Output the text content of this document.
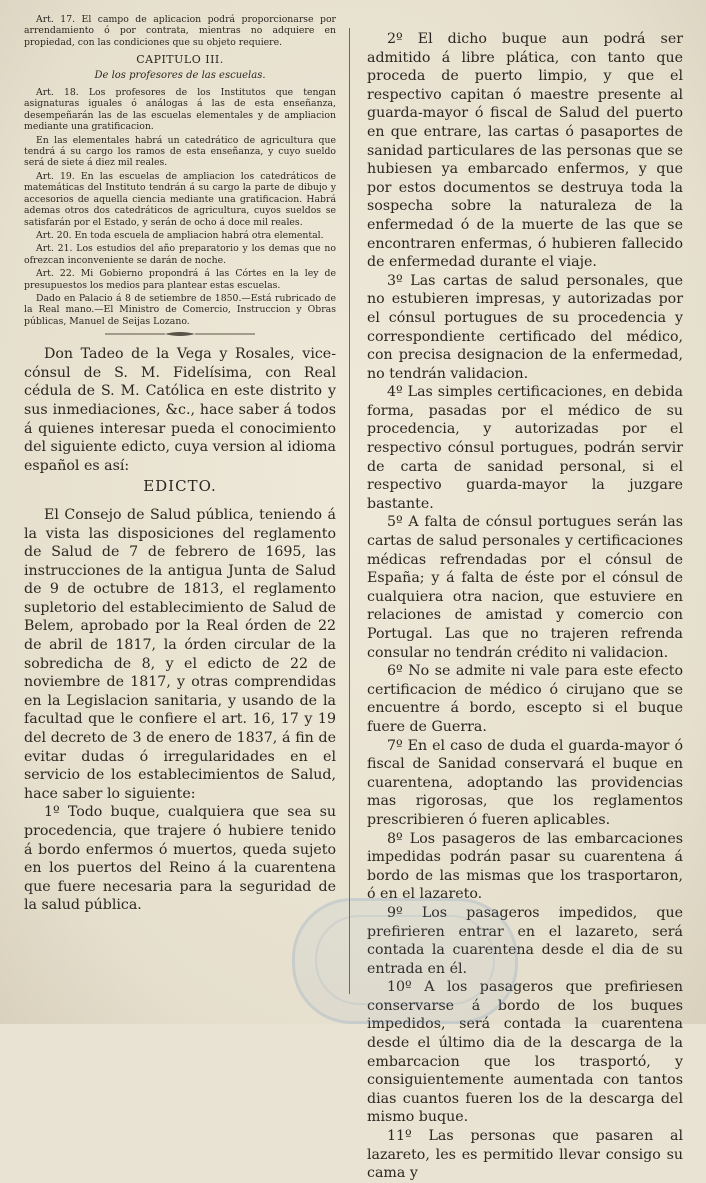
Art. 17. El campo de aplicacion podrá proporcionarse por arrendamiento ó por contrata, mientras no adquiere en propiedad, con las condiciones que su objeto requiere.

CAPITULO III.
De los profesores de las escuelas.

Art. 18. Los profesores de los Institutos que tengan asignaturas iguales ó análogas á las de esta enseñanza, desempeñarán las de las escuelas elementales y de ampliacion mediante una gratificacion.

En las elementales habrá un catedrático de agricultura que tendrá á su cargo los ramos de esta enseñanza, y cuyo sueldo será de siete á diez mil reales.

Art. 19. En las escuelas de ampliacion los catedráticos de matemáticas del Instituto tendrán á su cargo la parte de dibujo y accesorios de aquella ciencia mediante una gratificacion. Habrá ademas otros dos catedráticos de agricultura, cuyos sueldos se satisfarán por el Estado, y serán de ocho á doce mil reales.

Art. 20. En toda escuela de ampliacion habrá otra elemental.

Art. 21. Los estudios del año preparatorio y los demas que no ofrezcan inconveniente se darán de noche.

Art. 22. Mi Gobierno propondrá á las Córtes en la ley de presupuestos los medios para plantear estas escuelas.

Dado en Palacio á 8 de setiembre de 1850.—Está rubricado de la Real mano.—El Ministro de Comercio, Instruccion y Obras públicas, Manuel de Seijas Lozano.

Don Tadeo de la Vega y Rosales, vice-cónsul de S. M. Fidelísima, con Real cédula de S. M. Católica en este distrito y sus inmediaciones, &c., hace saber á todos á quienes interesar pueda el conocimiento del siguiente edicto, cuya version al idioma español es así:

EDICTO.

El Consejo de Salud pública, teniendo á la vista las disposiciones del reglamento de Salud de 7 de febrero de 1695, las instrucciones de la antigua Junta de Salud de 9 de octubre de 1813, el reglamento supletorio del establecimiento de Salud de Belem, aprobado por la Real órden de 22 de abril de 1817, la órden circular de la sobredicha de 8, y el edicto de 22 de noviembre de 1817, y otras comprendidas en la Legislacion sanitaria, y usando de la facultad que le confiere el art. 16, 17 y 19 del decreto de 3 de enero de 1837, á fin de evitar dudas ó irregularidades en el servicio de los establecimientos de Salud, hace saber lo siguiente:

1º Todo buque, cualquiera que sea su procedencia, que trajere ó hubiere tenido á bordo enfermos ó muertos, queda sujeto en los puertos del Reino á la cuarentena que fuere necesaria para la seguridad de la salud pública.

2º El dicho buque aun podrá ser admitido á libre plática, con tanto que proceda de puerto limpio, y que el respectivo capitan ó maestre presente al guarda-mayor ó fiscal de Salud del puerto en que entrare, las cartas ó pasaportes de sanidad particulares de las personas que se hubiesen ya embarcado enfermos, y que por estos documentos se destruya toda la sospecha sobre la naturaleza de la enfermedad ó de la muerte de las que se encontraren enfermas, ó hubieren fallecido de enfermedad durante el viaje.

3º Las cartas de salud personales, que no estubieren impresas, y autorizadas por el cónsul portugues de su procedencia y correspondiente certificado del médico, con precisa designacion de la enfermedad, no tendrán validacion.

4º Las simples certificaciones, en debida forma, pasadas por el médico de su procedencia, y autorizadas por el respectivo cónsul portugues, podrán servir de carta de sanidad personal, si el respectivo guarda-mayor la juzgare bastante.

5º A falta de cónsul portugues serán las cartas de salud personales y certificaciones médicas refrendadas por el cónsul de España; y á falta de éste por el cónsul de cualquiera otra nacion, que estuviere en relaciones de amistad y comercio con Portugal. Las que no trajeren refrenda consular no tendrán crédito ni validacion.

6º No se admite ni vale para este efecto certificacion de médico ó cirujano que se encuentre á bordo, escepto si el buque fuere de Guerra.

7º En el caso de duda el guarda-mayor ó fiscal de Sanidad conservará el buque en cuarentena, adoptando las providencias mas rigorosas, que los reglamentos prescribieren ó fueren aplicables.

8º Los pasageros de las embarcaciones impedidas podrán pasar su cuarentena á bordo de las mismas que los trasportaron, ó en el lazareto.

9º Los pasageros impedidos, que prefirieren entrar en el lazareto, será contada la cuarentena desde el dia de su entrada en él.

10º A los pasageros que prefiriesen conservarse á bordo de los buques impedidos, será contada la cuarentena desde el último dia de la descarga de la embarcacion que los trasportó, y consiguientemente aumentada con tantos dias cuantos fueren los de la descarga del mismo buque.

11º Las personas que pasaren al lazareto, les es permitido llevar consigo su cama y
